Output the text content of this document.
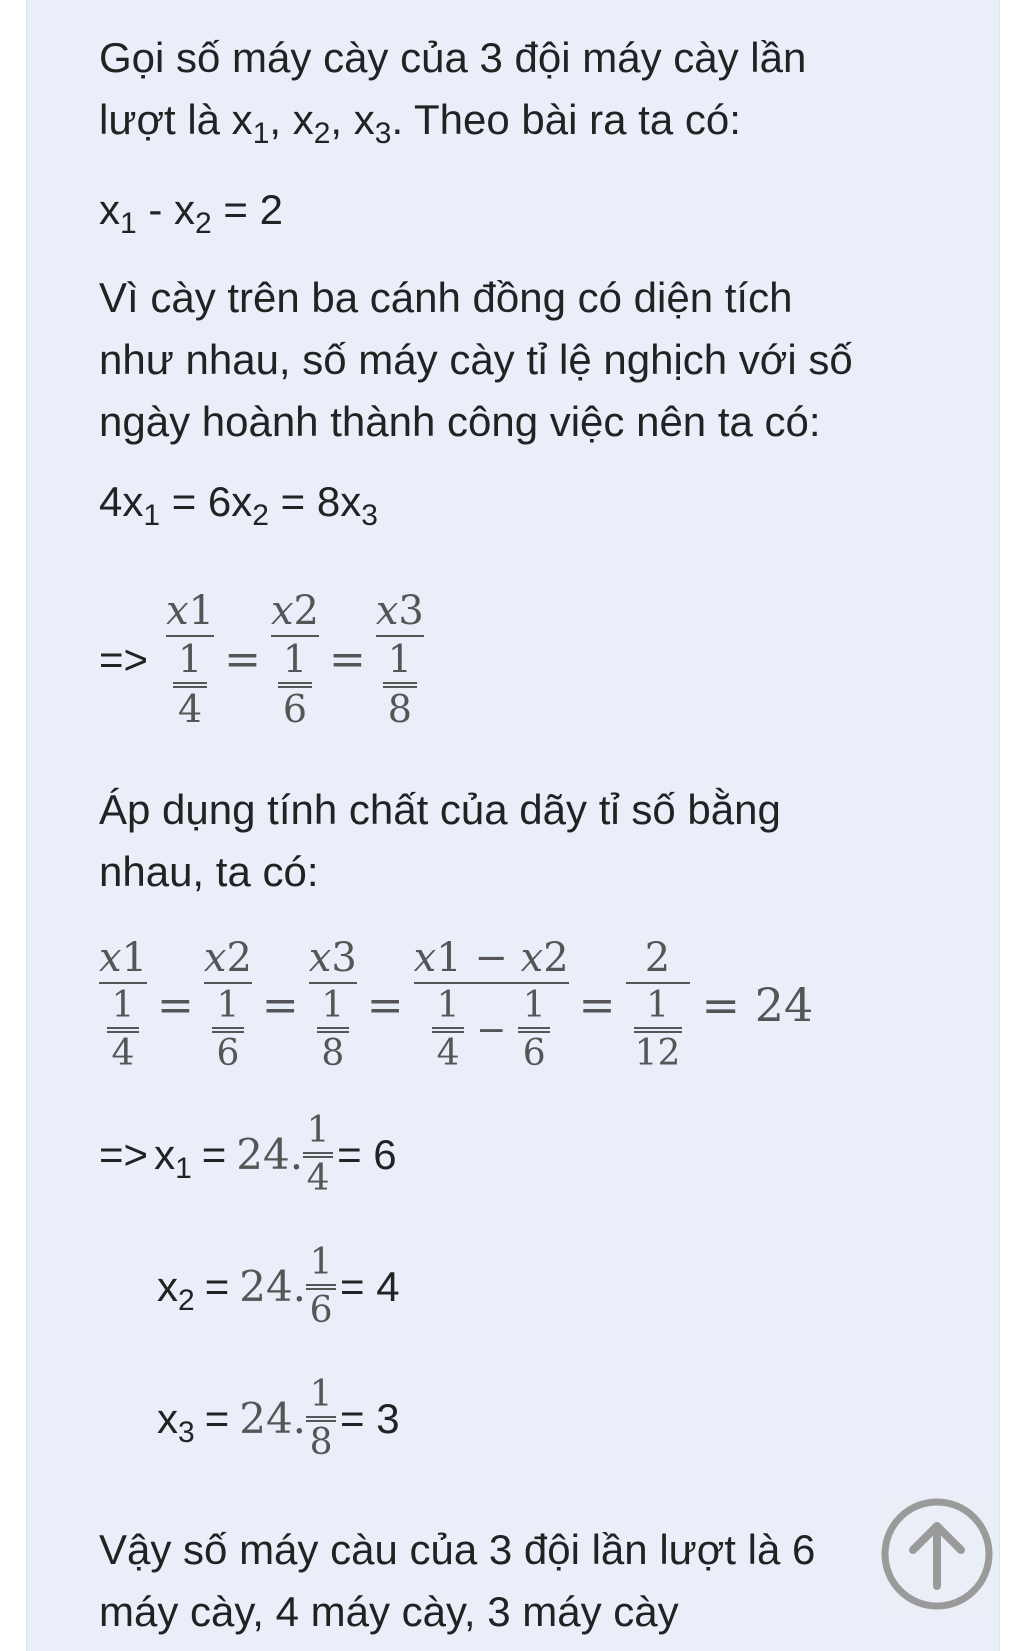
Gọi số máy cày của 3 đội máy cày lần
lượt là $x_1$, $x_2$, $x_3$. Theo bài ra ta có:
$x_1 - x_2 = 2$
Vì cày trên ba cánh đồng có diện tích
như nhau, số máy cày tỉ lệ nghịch với số
ngày hoành thành công việc nên ta có:
$4x_1 = 6x_2 = 8x_3$
=> $\frac{x1}{\frac{1}{4}} = \frac{x2}{\frac{1}{6}} = \frac{x3}{\frac{1}{8}}$
Áp dụng tính chất của dãy tỉ số bằng
nhau, ta có:
$\frac{x1}{\frac{1}{4}} = \frac{x2}{\frac{1}{6}} = \frac{x3}{\frac{1}{8}} = \frac{x1 - x2}{\frac{1}{4} - \frac{1}{6}} = \frac{2}{\frac{1}{12}} = 24$
=> $x_1 = 24$. $\frac{1}{4} = 6$
$x_2 = 24$. $\frac{1}{6} = 4$
$x_3 = 24$. $\frac{1}{8} = 3$
Vậy số máy càu của 3 đội lần lượt là 6
máy cày, 4 máy cày, 3 máy cày
